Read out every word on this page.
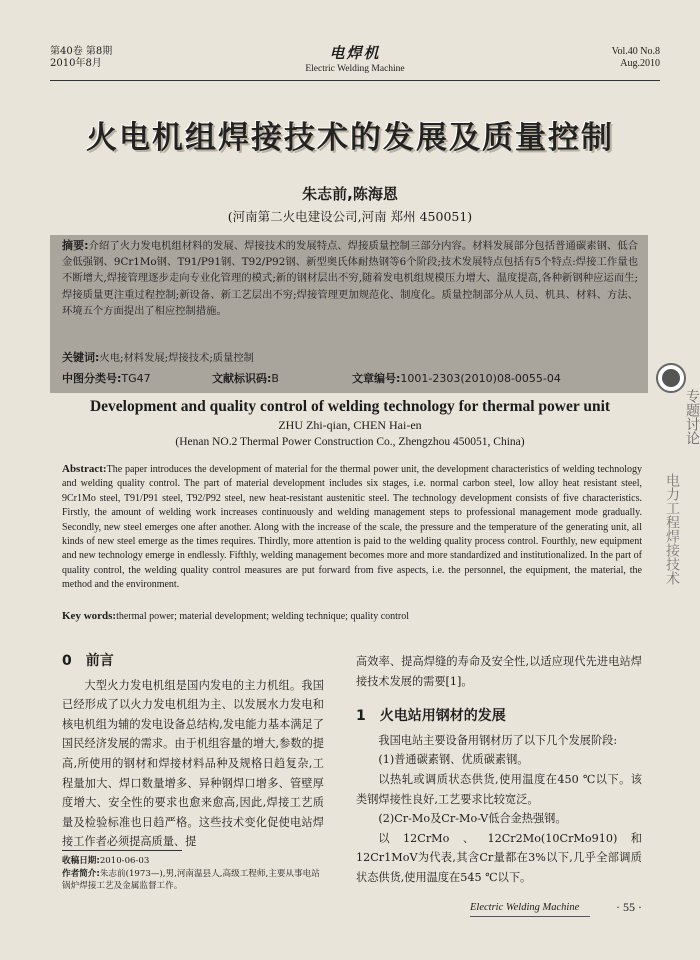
第40卷 第8期
2010年8月
电焊机
Electric Welding Machine
Vol.40 No.8
Aug.2010
火电机组焊接技术的发展及质量控制
朱志前,陈海恩
(河南第二火电建设公司,河南 郑州 450051)
摘要:介绍了火力发电机组材料的发展、焊接技术的发展特点、焊接质量控制三部分内容。材料发展部分包括普通碳素钢、低合金低强钢、9Cr1Mo钢、T91/P91钢、T92/P92钢、新型奥氏体耐热钢等6个阶段;技术发展特点包括有5个特点:焊接工作量也不断增大,焊接管理逐步走向专业化管理的模式;新的钢材层出不穷,随着发电机组规模压力增大、温度提高,各种新钢种应运而生;焊接质量更注重过程控制;新设备、新工艺层出不穷;焊接管理更加规范化、制度化。质量控制部分从人员、机具、材料、方法、环境五个方面提出了相应控制措施。
关键词:火电;材料发展;焊接技术;质量控制
中图分类号:TG47	文献标识码:B	文章编号:1001-2303(2010)08-0055-04
Development and quality control of welding technology for thermal power unit
ZHU Zhi-qian, CHEN Hai-en
(Henan NO.2 Thermal Power Construction Co., Zhengzhou 450051, China)
Abstract:The paper introduces the development of material for the thermal power unit, the development characteristics of welding technology and welding quality control. The part of material development includes six stages, i.e. normal carbon steel, low alloy heat resistant steel, 9Cr1Mo steel, T91/P91 steel, T92/P92 steel, new heat-resistant austenitic steel. The technology development consists of five characteristics. Firstly, the amount of welding work increases continuously and welding management steps to professional management mode gradually. Secondly, new steel emerges one after another. Along with the increase of the scale, the pressure and the temperature of the generating unit, all kinds of new steel emerge as the times requires. Thirdly, more attention is paid to the welding quality process control. Fourthly, new equipment and new technology emerge in endlessly. Fifthly, welding management becomes more and more standardized and institutionalized. In the part of quality control, the welding quality control measures are put forward from five aspects, i.e. the personnel, the equipment, the material, the method and the environment.
Key words:thermal power; material development; welding technique; quality control
0 前言

大型火力发电机组是国内发电的主力机组。我国已经形成了以火力发电机组为主、以发展水力发电和核电机组为辅的发电设备总结构,发电能力基本满足了国民经济发展的需求。由于机组容量的增大,参数的提高,所使用的钢材和焊接材料品种及规格日趋复杂,工程量加大、焊口数量增多、异种钢焊口增多、管壁厚度增大、安全性的要求也愈来愈高,因此,焊接工艺质量及检验标准也日趋严格。这些技术变化促使电站焊接工作者必须提高质量、提

高效率、提高焊缝的寿命及安全性,以适应现代先进电站焊接技术发展的需要[1]。

1 火电站用钢材的发展

我国电站主要设备用钢材历了以下几个发展阶段:

(1)普通碳素钢、优质碳素钢。

以热轧或调质状态供货,使用温度在450 ℃以下。该类钢焊接性良好,工艺要求比较宽泛。

(2)Cr-Mo及Cr-Mo-V低合金热强钢。

以12CrMo、12Cr2Mo(10CrMo910)和12Cr1MoV为代表,其含Cr量都在3%以下,几乎全部调质状态供货,使用温度在545 ℃以下。

收稿日期:2010-06-03
作者简介:朱志前(1973—),男,河南温县人,高级工程师,主要从事电站锅炉焊接工艺及金属监督工作。
Electric Welding Machine	· 55 ·
专题讨论
电力工程焊接技术
